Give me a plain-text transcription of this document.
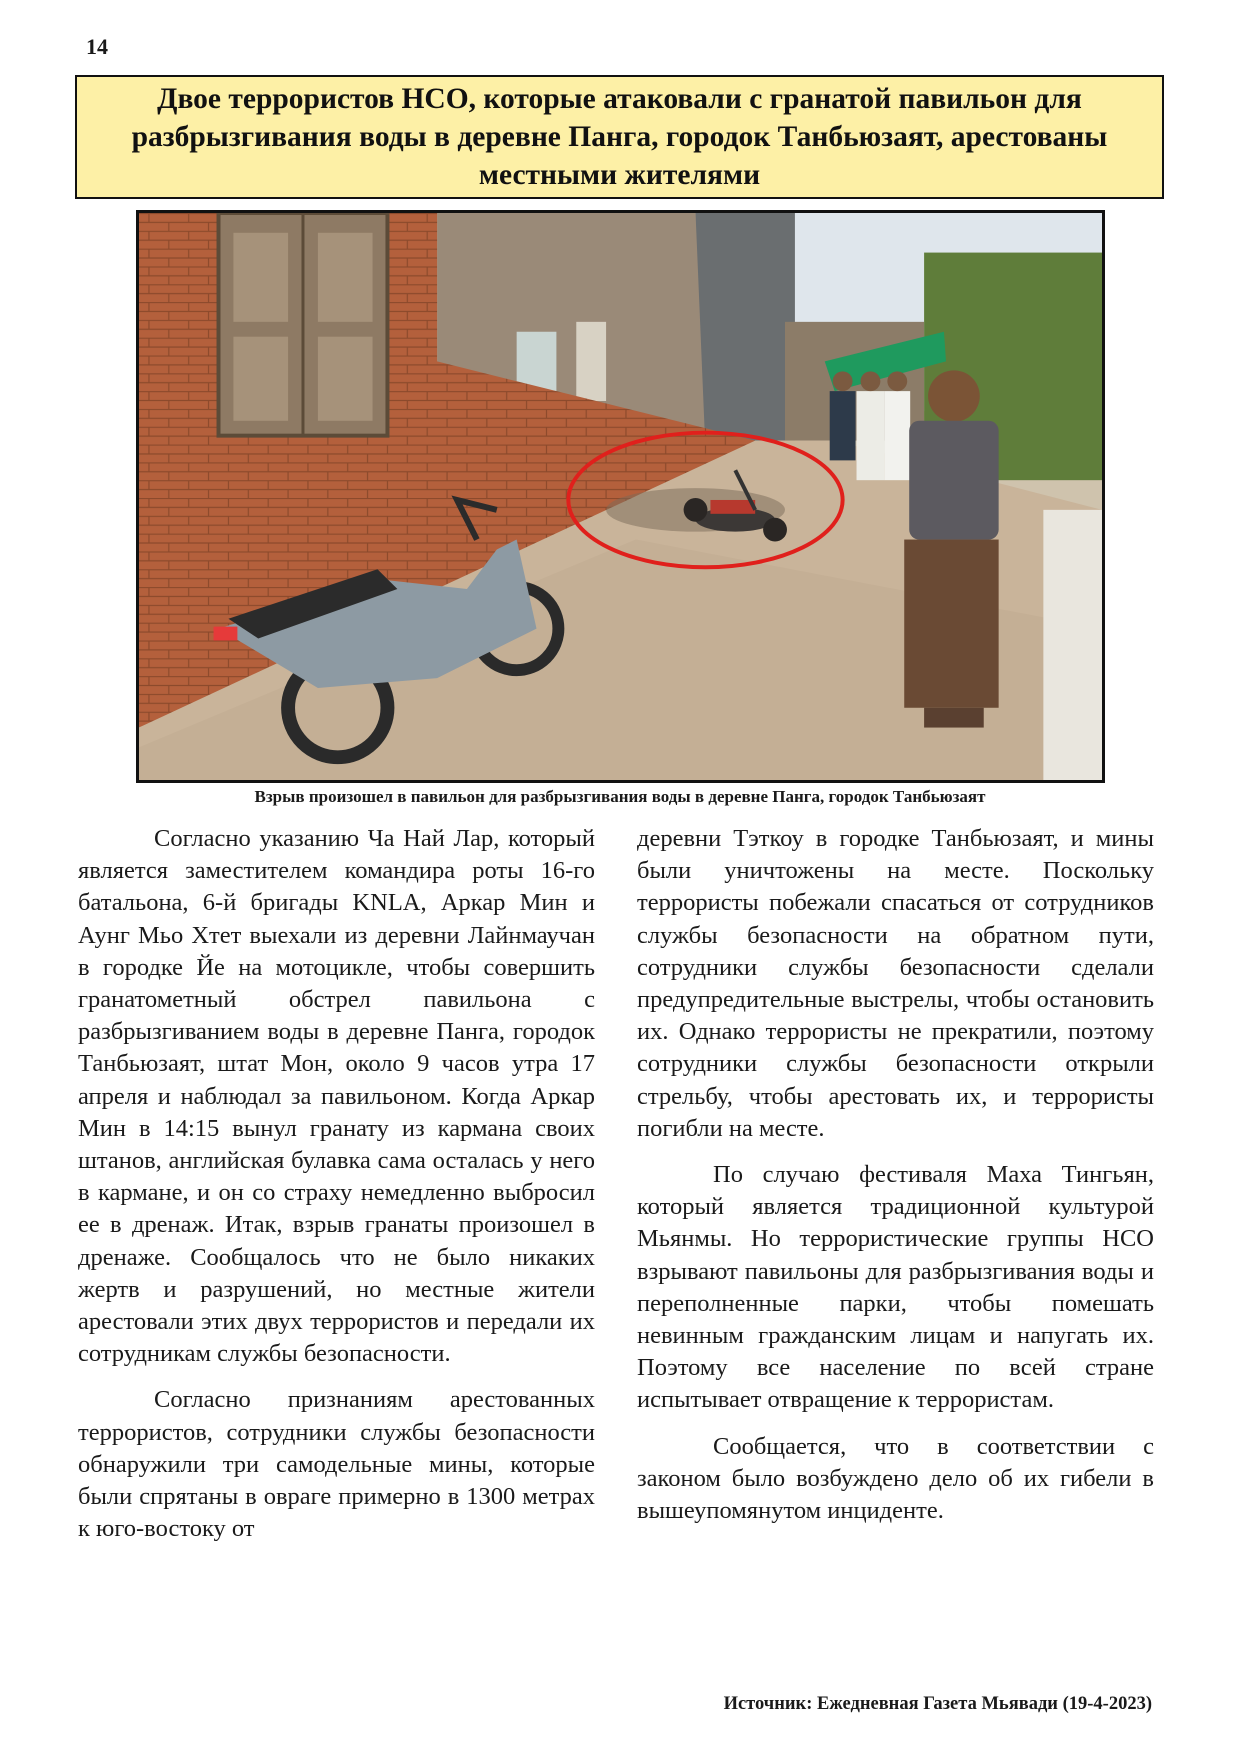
14
Двое террористов НСО, которые атаковали с гранатой павильон для разбрызгивания воды в деревне Панга, городок Танбьюзаят, арестованы местными жителями
Взрыв произошел в павильон для разбрызгивания воды в деревне Панга, городок Танбьюзаят

Согласно указанию Ча Най Лар, который является заместителем командира роты 16-го батальона, 6-й бригады KNLA, Аркар Мин и Аунг Мьо Хтет выехали из деревни Лайнмаучан в городке Йе на мотоцикле, чтобы совершить гранатометный обстрел павильона с разбрызгиванием воды в деревне Панга, городок Танбьюзаят, штат Мон, около 9 часов утра 17 апреля и наблюдал за павильоном. Когда Аркар Мин в 14:15 вынул гранату из кармана своих штанов, английская булавка сама осталась у него в кармане, и он со страху немедленно выбросил ее в дренаж. Итак, взрыв гранаты произошел в дренаже. Сообщалось что не было никаких жертв и разрушений, но местные жители арестовали этих двух террористов и передали их сотрудникам службы безопасности.

Согласно признаниям арестованных террористов, сотрудники службы безопасности обнаружили три самодельные мины, которые были спрятаны в овраге примерно в 1300 метрах к юго-востоку от

деревни Тэткоу в городке Танбьюзаят, и мины были уничтожены на месте. Поскольку террористы побежали спасаться от сотрудников службы безопасности на обратном пути, сотрудники службы безопасности сделали предупредительные выстрелы, чтобы остановить их. Однако террористы не прекратили, поэтому сотрудники службы безопасности открыли стрельбу, чтобы арестовать их, и террористы погибли на месте.

По случаю фестиваля Маха Тингьян, который является традиционной культурой Мьянмы. Но террористические группы НСО взрывают павильоны для разбрызгивания воды и переполненные парки, чтобы помешать невинным гражданским лицам и напугать их. Поэтому все население по всей стране испытывает отвращение к террористам.

Сообщается, что в соответствии с законом было возбуждено дело об их гибели в вышеупомянутом инциденте.

Источник: Ежедневная Газета Мьявади (19-4-2023)
